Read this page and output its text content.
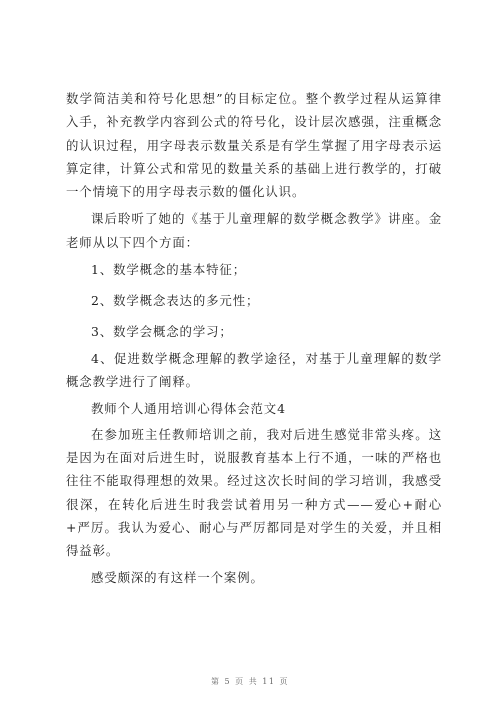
数学简洁美和符号化思想”的目标定位。整个教学过程从运算律入手，补充教学内容到公式的符号化，设计层次感强，注重概念的认识过程，用字母表示数量关系是有学生掌握了用字母表示运算定律，计算公式和常见的数量关系的基础上进行教学的，打破一个情境下的用字母表示数的僵化认识。

课后聆听了她的《基于儿童理解的数学概念教学》讲座。金老师从以下四个方面：

1、数学概念的基本特征；

2、数学概念表达的多元性；

3、数学会概念的学习；

4、促进数学概念理解的教学途径，对基于儿童理解的数学概念教学进行了阐释。

教师个人通用培训心得体会范文4

在参加班主任教师培训之前，我对后进生感觉非常头疼。这是因为在面对后进生时，说服教育基本上行不通，一味的严格也往往不能取得理想的效果。经过这次长时间的学习培训，我感受很深，在转化后进生时我尝试着用另一种方式——爱心+耐心+严厉。我认为爱心、耐心与严厉都同是对学生的关爱，并且相得益彰。

感受颇深的有这样一个案例。

第 5 页 共 11 页
